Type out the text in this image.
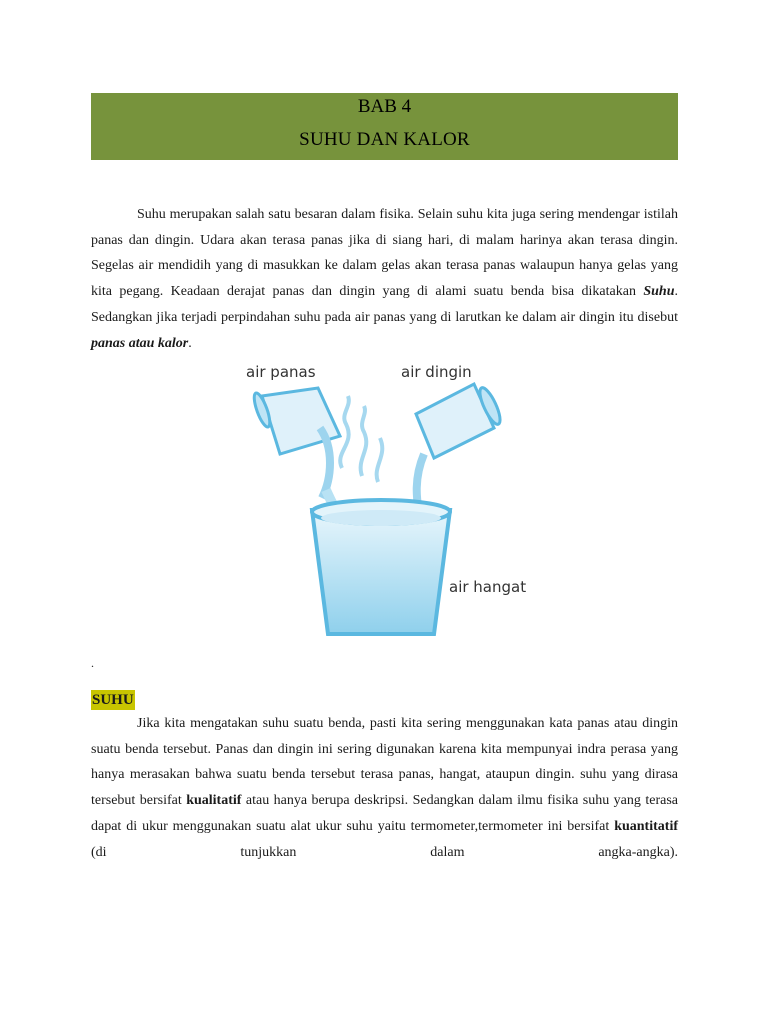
BAB 4
SUHU DAN KALOR
Suhu merupakan salah satu besaran dalam fisika. Selain suhu kita juga sering mendengar istilah panas dan dingin. Udara akan terasa panas jika di siang hari, di malam harinya akan terasa dingin. Segelas air mendidih yang di masukkan ke dalam gelas akan terasa panas walaupun hanya gelas yang kita pegang. Keadaan derajat panas dan dingin yang di alami suatu benda bisa dikatakan Suhu. Sedangkan jika terjadi perpindahan suhu pada air panas yang di larutkan ke dalam air dingin itu disebut panas atau kalor.
air panas	air dingin
air hangat
.
SUHU
Jika kita mengatakan suhu suatu benda, pasti kita sering menggunakan kata panas atau dingin suatu benda tersebut. Panas dan dingin ini sering digunakan karena kita mempunyai indra perasa yang hanya merasakan bahwa suatu benda tersebut terasa panas, hangat, ataupun dingin. suhu yang dirasa tersebut bersifat kualitatif atau hanya berupa deskripsi. Sedangkan dalam ilmu fisika suhu yang terasa dapat di ukur menggunakan suatu alat ukur suhu yaitu termometer,termometer ini bersifat kuantitatif (di tunjukkan dalam angka-angka).
